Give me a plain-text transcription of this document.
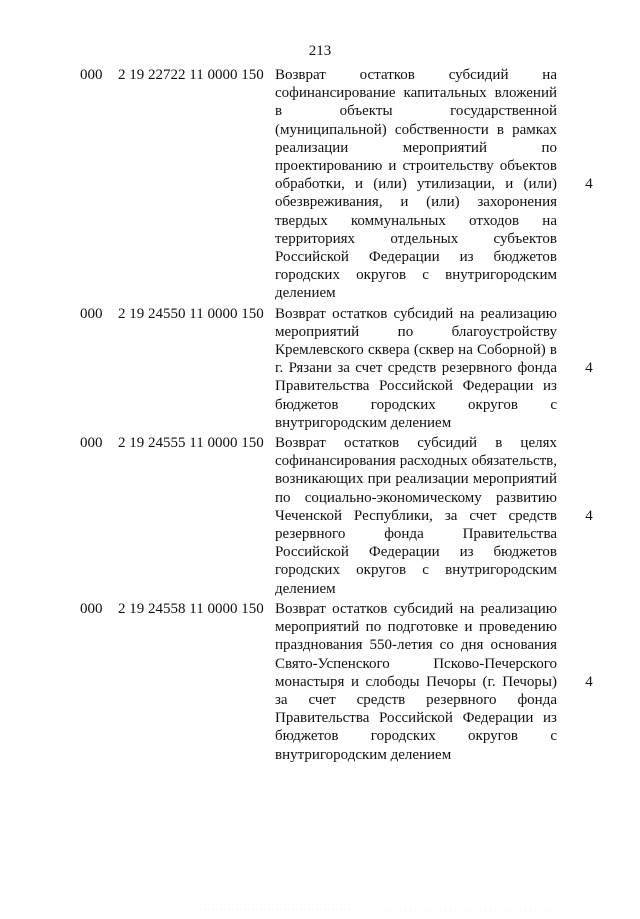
213
000 2 19 22722 11 0000 150 Возврат остатков субсидий на софинансирование капитальных вложений в объекты государственной (муниципальной) собственности в рамках реализации мероприятий по проектированию и строительству объектов обработки, и (или) утилизации, и (или) обезвреживания, и (или) захоронения твердых коммунальных отходов на территориях отдельных субъектов Российской Федерации из бюджетов городских округов с внутригородским делением
4
000 2 19 24550 11 0000 150 Возврат остатков субсидий на реализацию мероприятий по благоустройству Кремлевского сквера (сквер на Соборной) в г. Рязани за счет средств резервного фонда Правительства Российской Федерации из бюджетов городских округов с внутригородским делением
4
000 2 19 24555 11 0000 150 Возврат остатков субсидий в целях софинансирования расходных обязательств, возникающих при реализации мероприятий по социально-экономическому развитию Чеченской Республики, за счет средств резервного фонда Правительства Российской Федерации из бюджетов городских округов с внутригородским делением
4
000 2 19 24558 11 0000 150 Возврат остатков субсидий на реализацию мероприятий по подготовке и проведению празднования 550-летия со дня основания Свято-Успенского Псково-Печерского монастыря и слободы Печоры (г. Печоры) за счет средств резервного фонда Правительства Российской Федерации из бюджетов городских округов с внутригородским делением
4
